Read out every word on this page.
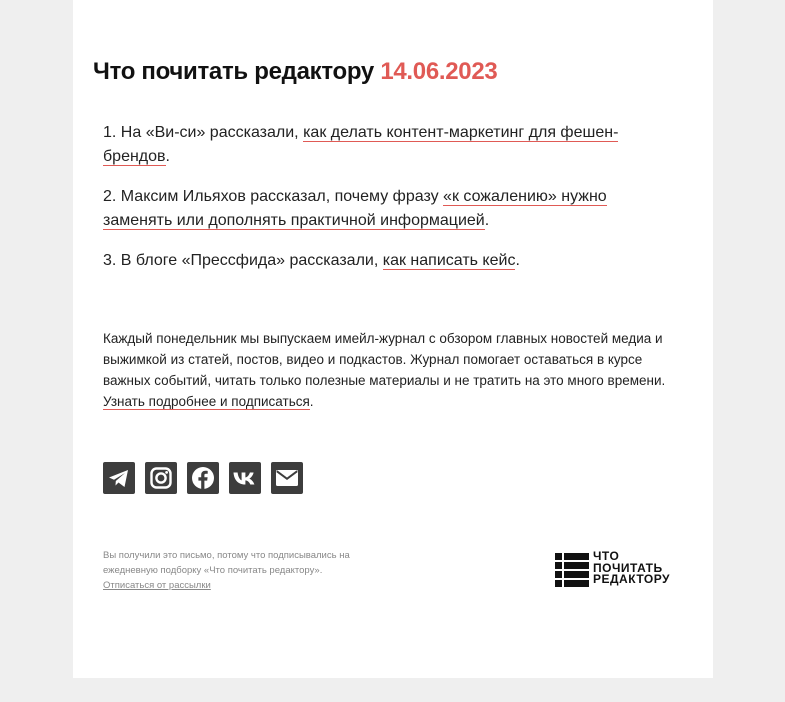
Что почитать редактору 14.06.2023

1. На «Ви-си» рассказали, как делать контент-маркетинг для фешен-брендов.

2. Максим Ильяхов рассказал, почему фразу «к сожалению» нужно заменять или дополнять практичной информацией.

3. В блоге «Прессфида» рассказали, как написать кейс.

Каждый понедельник мы выпускаем имейл-журнал с обзором главных новостей медиа и выжимкой из статей, постов, видео и подкастов. Журнал помогает оставаться в курсе важных событий, читать только полезные материалы и не тратить на это много времени. Узнать подробнее и подписаться.
Вы получили это письмо, потому что подписывались на ежедневную подборку «Что почитать редактору».
Отписаться от рассылки
ЧТО
ПОЧИТАТЬ
РЕДАКТОРУ
